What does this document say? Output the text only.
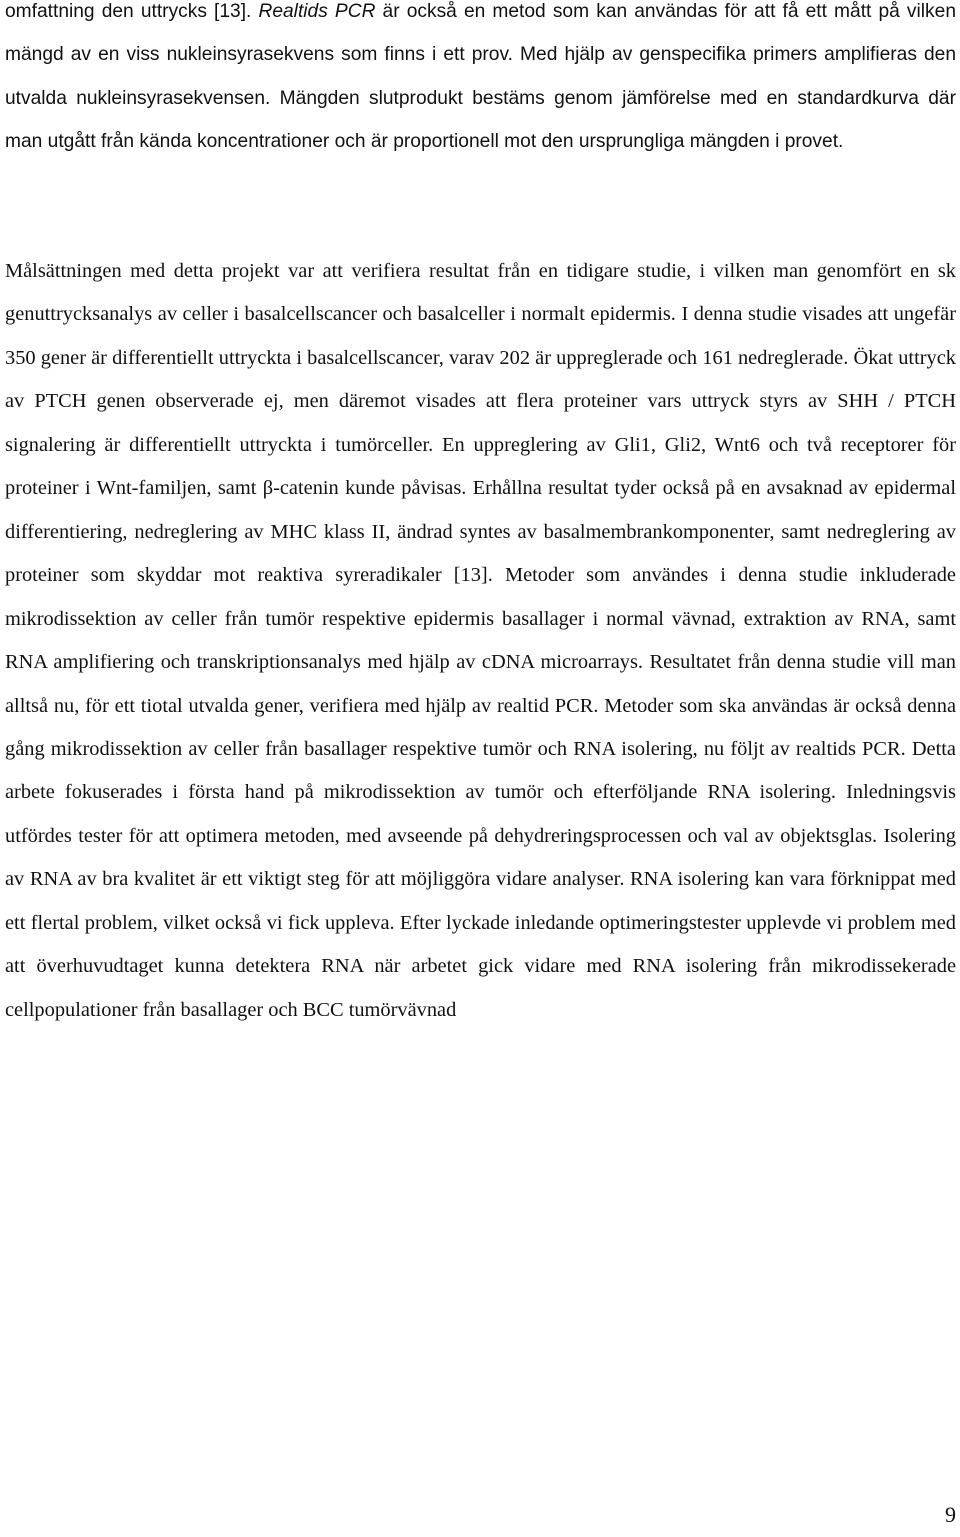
omfattning den uttrycks [13]. Realtids PCR är också en metod som kan användas för att få ett mått på vilken mängd av en viss nukleinsyrasekvens som finns i ett prov. Med hjälp av genspecifika primers amplifieras den utvalda nukleinsyrasekvensen. Mängden slutprodukt bestäms genom jämförelse med en standardkurva där man utgått från kända koncentrationer och är proportionell mot den ursprungliga mängden i provet.

Målsättningen med detta projekt var att verifiera resultat från en tidigare studie, i vilken man genomfört en sk genuttrycksanalys av celler i basalcellscancer och basalceller i normalt epidermis. I denna studie visades att ungefär 350 gener är differentiellt uttryckta i basalcellscancer, varav 202 är uppreglerade och 161 nedreglerade. Ökat uttryck av PTCH genen observerade ej, men däremot visades att flera proteiner vars uttryck styrs av SHH / PTCH signalering är differentiellt uttryckta i tumörceller. En uppreglering av Gli1, Gli2, Wnt6 och två receptorer för proteiner i Wnt-familjen, samt β-catenin kunde påvisas. Erhållna resultat tyder också på en avsaknad av epidermal differentiering, nedreglering av MHC klass II, ändrad syntes av basalmembrankomponenter, samt nedreglering av proteiner som skyddar mot reaktiva syreradikaler [13]. Metoder som användes i denna studie inkluderade mikrodissektion av celler från tumör respektive epidermis basallager i normal vävnad, extraktion av RNA, samt RNA amplifiering och transkriptionsanalys med hjälp av cDNA microarrays. Resultatet från denna studie vill man alltså nu, för ett tiotal utvalda gener, verifiera med hjälp av realtid PCR. Metoder som ska användas är också denna gång mikrodissektion av celler från basallager respektive tumör och RNA isolering, nu följt av realtids PCR. Detta arbete fokuserades i första hand på mikrodissektion av tumör och efterföljande RNA isolering. Inledningsvis utfördes tester för att optimera metoden, med avseende på dehydreringsprocessen och val av objektsglas. Isolering av RNA av bra kvalitet är ett viktigt steg för att möjliggöra vidare analyser. RNA isolering kan vara förknippat med ett flertal problem, vilket också vi fick uppleva. Efter lyckade inledande optimeringstester upplevde vi problem med att överhuvudtaget kunna detektera RNA när arbetet gick vidare med RNA isolering från mikrodissekerade cellpopulationer från basallager och BCC tumörvävnad

9
